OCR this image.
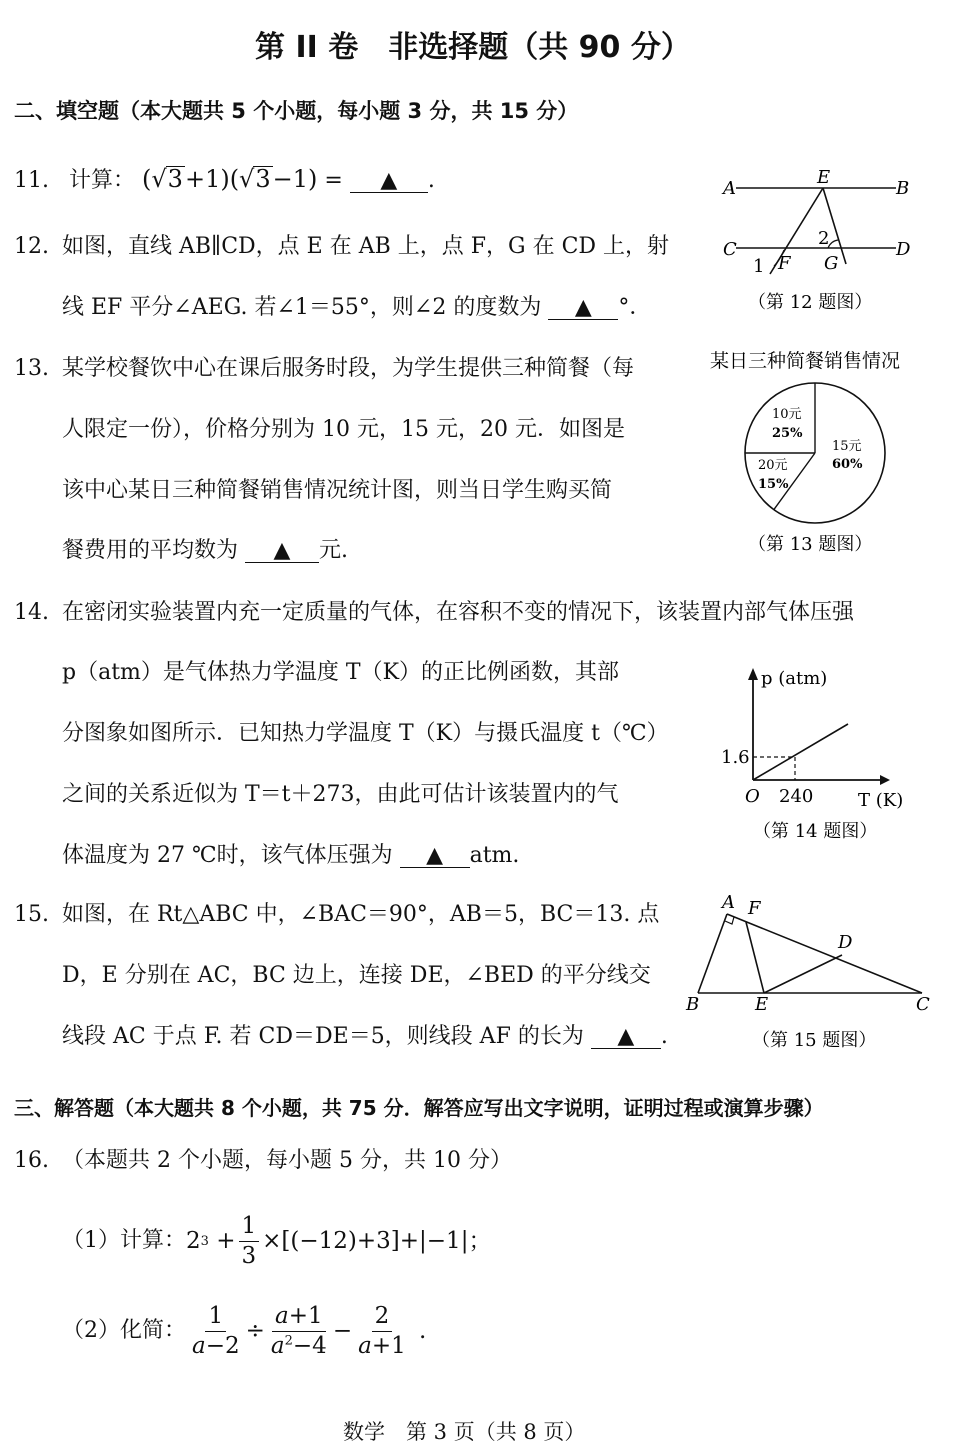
第 II 卷　非选择题（共 90 分）
二、填空题（本大题共 5 个小题，每小题 3 分，共 15 分）
11. 计算： (√3+1)(√3−1) = ▲ .
12. 如图，直线 AB∥CD，点 E 在 AB 上，点 F，G 在 CD 上，射
线 EF 平分∠AEG. 若∠1＝55°，则∠2 的度数为 ▲ °．
A
E
B
C
F G
D
1
2
（第 12 题图）
13. 某学校餐饮中心在课后服务时段，为学生提供三种简餐（每
人限定一份），价格分别为 10 元，15 元，20 元．如图是
该中心某日三种简餐销售情况统计图，则当日学生购买简
餐费用的平均数为 ▲ 元.
某日三种简餐销售情况
10元
25%
15元
60%
20元
15%
（第 13 题图）
14. 在密闭实验装置内充一定质量的气体，在容积不变的情况下，该装置内部气体压强
p（atm）是气体热力学温度 T（K）的正比例函数，其部
分图象如图所示．已知热力学温度 T（K）与摄氏温度 t（℃）
之间的关系近似为 T＝t＋273，由此可估计该装置内的气
体温度为 27 ℃时，该气体压强为 ▲ atm.
p (atm)
T (K)
O
1.6
240
（第 14 题图）
15. 如图，在 Rt△ABC 中，∠BAC＝90°，AB＝5，BC＝13. 点
D，E 分别在 AC，BC 边上，连接 DE，∠BED 的平分线交
线段 AC 于点 F. 若 CD＝DE＝5，则线段 AF 的长为 ▲ .
A F
D
B	E	C
（第 15 题图）
三、解答题（本大题共 8 个小题，共 75 分．解答应写出文字说明，证明过程或演算步骤）
16. （本题共 2 个小题，每小题 5 分，共 10 分）
（1）计算： 2 $3 + \frac{1}{3} \times[(-12)+3]+|-1|$；
（2）化简： $\frac{1}{a-2} \div \frac{a+1}{a^2-4} - \frac{2}{a+1}$ .
数学　第 3 页（共 8 页）
